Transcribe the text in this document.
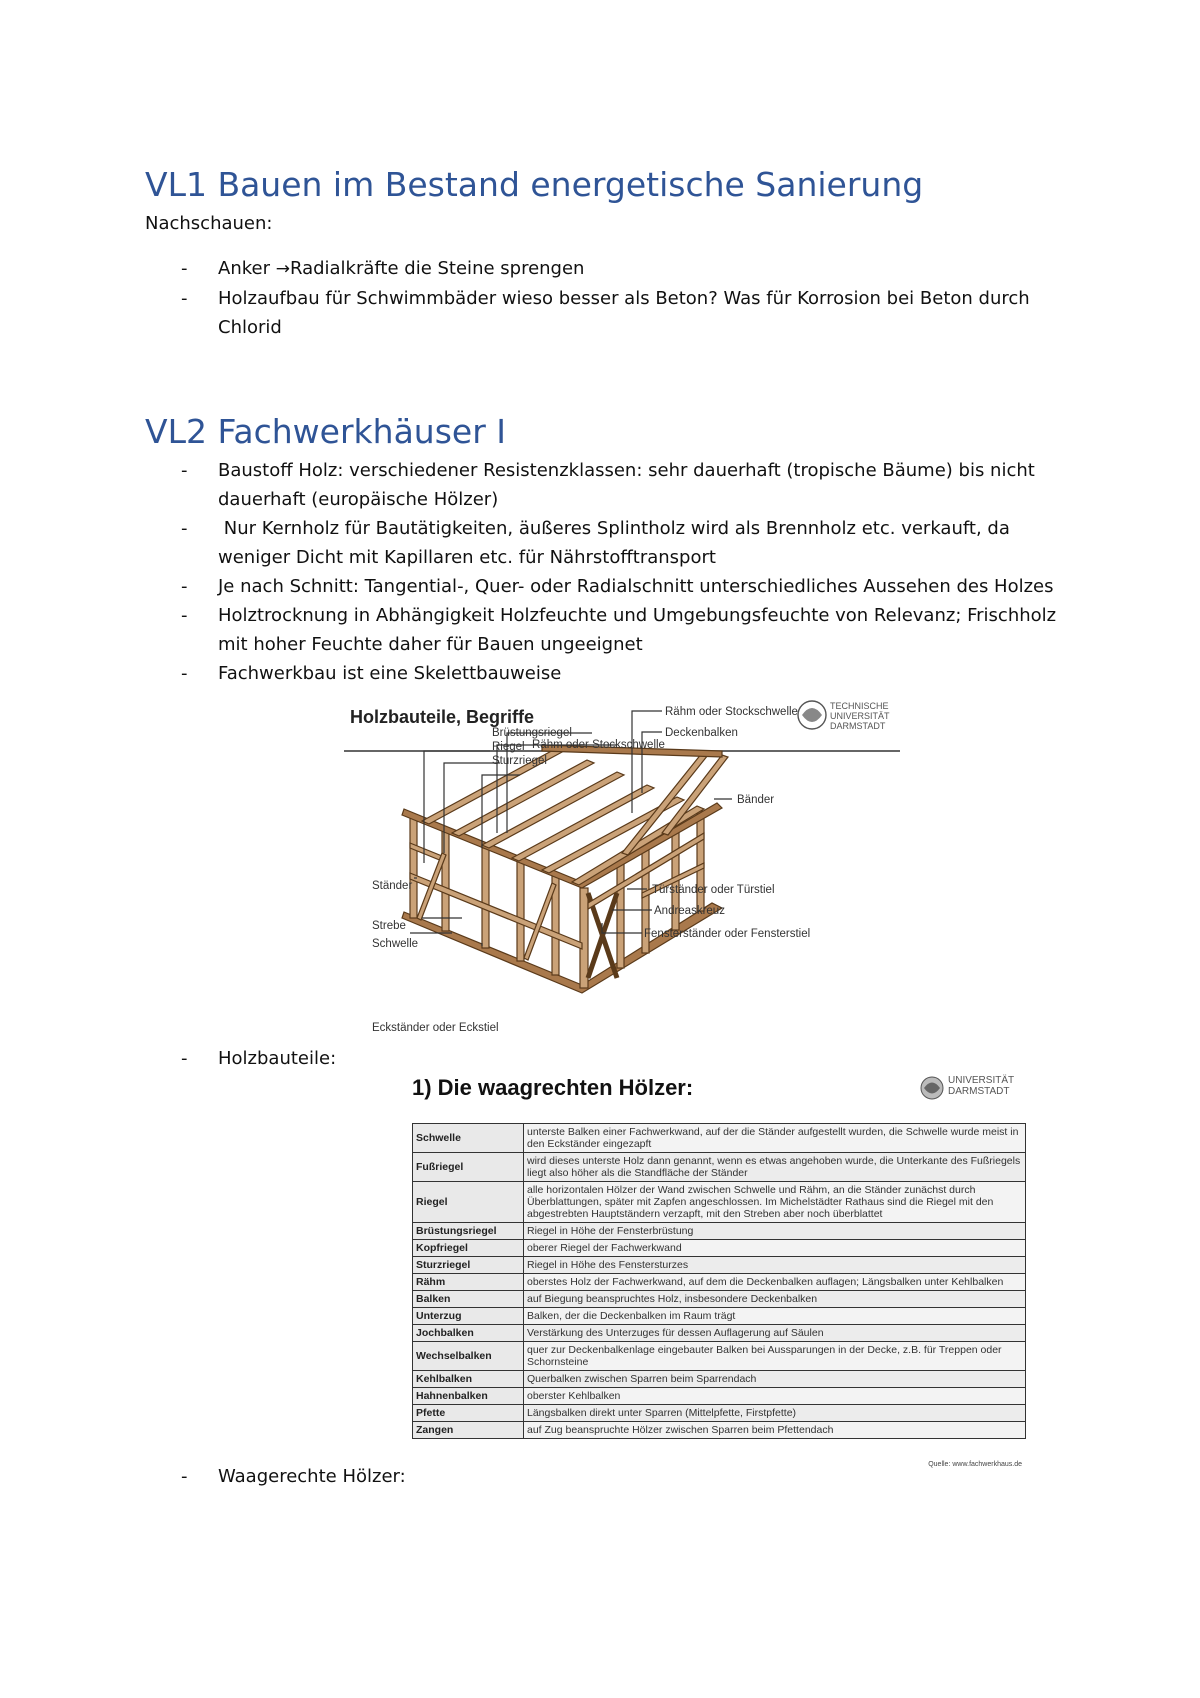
VL1 Bauen im Bestand energetische Sanierung
Nachschauen:
- Anker →Radialkräfte die Steine sprengen
- Holzaufbau für Schwimmbäder wieso besser als Beton? Was für Korrosion bei Beton durch Chlorid
VL2 Fachwerkhäuser I
- Baustoff Holz: verschiedener Resistenzklassen: sehr dauerhaft (tropische Bäume) bis nicht dauerhaft (europäische Hölzer)
- Nur Kernholz für Bautätigkeiten, äußeres Splintholz wird als Brennholz etc. verkauft, da weniger Dicht mit Kapillaren etc. für Nährstofftransport
- Je nach Schnitt: Tangential-, Quer- oder Radialschnitt unterschiedliches Aussehen des Holzes
- Holztrocknung in Abhängigkeit Holzfeuchte und Umgebungsfeuchte von Relevanz; Frischholz mit hoher Feuchte daher für Bauen ungeeignet
- Fachwerkbau ist eine Skelettbauweise
Holzbauteile, Begriffe
TECHNISCHE
UNIVERSITÄT
DARMSTADT
Rähm oder Stockschwelle
Deckenbalken
Brüstungsriegel
Rähm oder Stockschwelle
Riegel
Sturzriegel
Bänder
Ständer	Türständer oder Türstiel
Andreaskreuz
Strebe
Fensterständer oder Fensterstiel
Schwelle
Eckständer oder Eckstiel
- Holzbauteile:
1) Die waagrechten Hölzer:	UNIVERSITÄT DARMSTADT
Schwelle	unterste Balken einer Fachwerkwand, auf der die Ständer aufgestellt wurden, die Schwelle wurde meist in den Eckständer eingezapft
Fußriegel	wird dieses unterste Holz dann genannt, wenn es etwas angehoben wurde, die Unterkante des Fußriegels liegt also höher als die Standfläche der Ständer
Riegel	alle horizontalen Hölzer der Wand zwischen Schwelle und Rähm, an die Ständer zunächst durch Überblattungen, später mit Zapfen angeschlossen. Im Michelstädter Rathaus sind die Riegel mit den abgestrebten Hauptständern verzapft, mit den Streben aber noch überblattet
Brüstungsriegel	Riegel in Höhe der Fensterbrüstung
Kopfriegel	oberer Riegel der Fachwerkwand
Sturzriegel	Riegel in Höhe des Fenstersturzes
Rähm	oberstes Holz der Fachwerkwand, auf dem die Deckenbalken auflagen; Längsbalken unter Kehlbalken
Balken	auf Biegung beanspruchtes Holz, insbesondere Deckenbalken
Unterzug	Balken, der die Deckenbalken im Raum trägt
Jochbalken	Verstärkung des Unterzuges für dessen Auflagerung auf Säulen
Wechselbalken	quer zur Deckenbalkenlage eingebauter Balken bei Aussparungen in der Decke, z.B. für Treppen oder Schornsteine
Kehlbalken	Querbalken zwischen Sparren beim Sparrendach
Hahnenbalken	oberster Kehlbalken
Pfette	Längsbalken direkt unter Sparren (Mittelpfette, Firstpfette)
Zangen	auf Zug beanspruchte Hölzer zwischen Sparren beim Pfettendach
Quelle: www.fachwerkhaus.de
- Waagerechte Hölzer:
